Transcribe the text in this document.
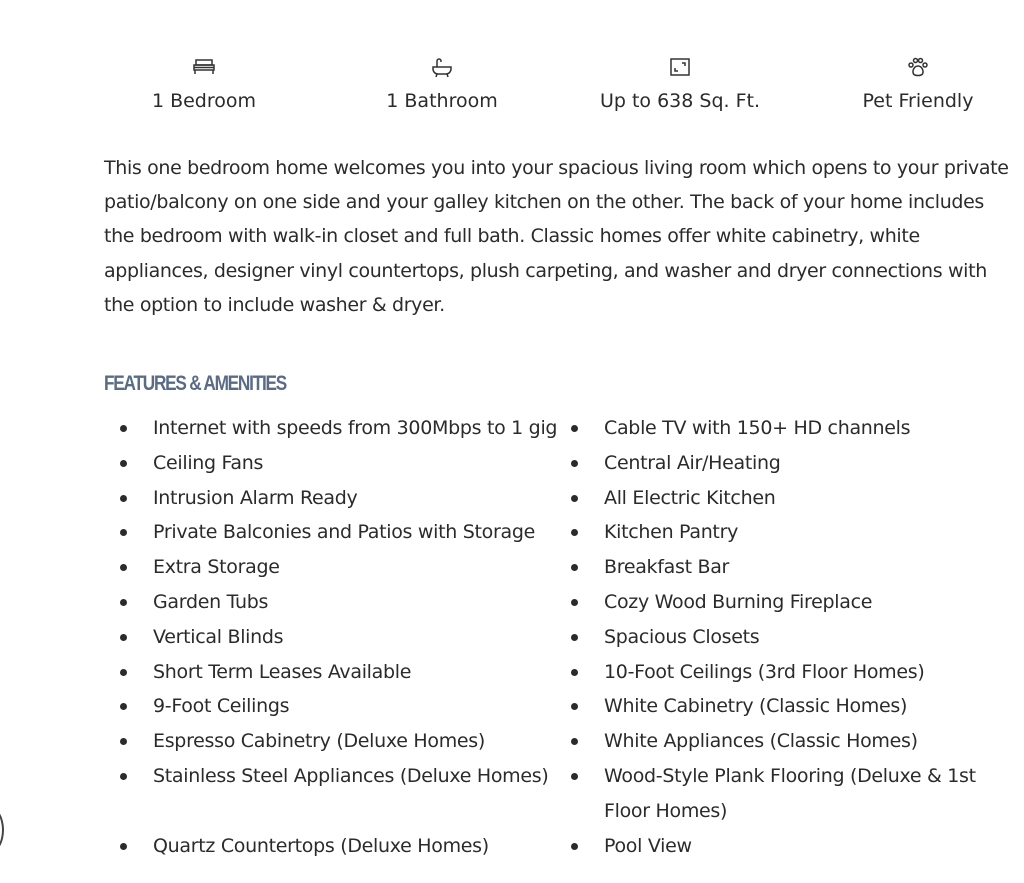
1 Bedroom	1 Bathroom	Up to 638 Sq. Ft.	Pet Friendly

This one bedroom home welcomes you into your spacious living room which opens to your private patio/balcony on one side and your galley kitchen on the other. The back of your home includes the bedroom with walk-in closet and full bath. Classic homes offer white cabinetry, white appliances, designer vinyl countertops, plush carpeting, and washer and dryer connections with the option to include washer & dryer.

FEATURES & AMENITIES
Internet with speeds from 300Mbps to 1 gig
Ceiling Fans
Intrusion Alarm Ready
Private Balconies and Patios with Storage
Extra Storage
Garden Tubs
Vertical Blinds
Short Term Leases Available
9-Foot Ceilings
Espresso Cabinetry (Deluxe Homes)
Stainless Steel Appliances (Deluxe Homes)
Quartz Countertops (Deluxe Homes)
Cable TV with 150+ HD channels
Central Air/Heating
All Electric Kitchen
Kitchen Pantry
Breakfast Bar
Cozy Wood Burning Fireplace
Spacious Closets
10-Foot Ceilings (3rd Floor Homes)
White Cabinetry (Classic Homes)
White Appliances (Classic Homes)
Wood-Style Plank Flooring (Deluxe & 1st Floor Homes)
Pool View
